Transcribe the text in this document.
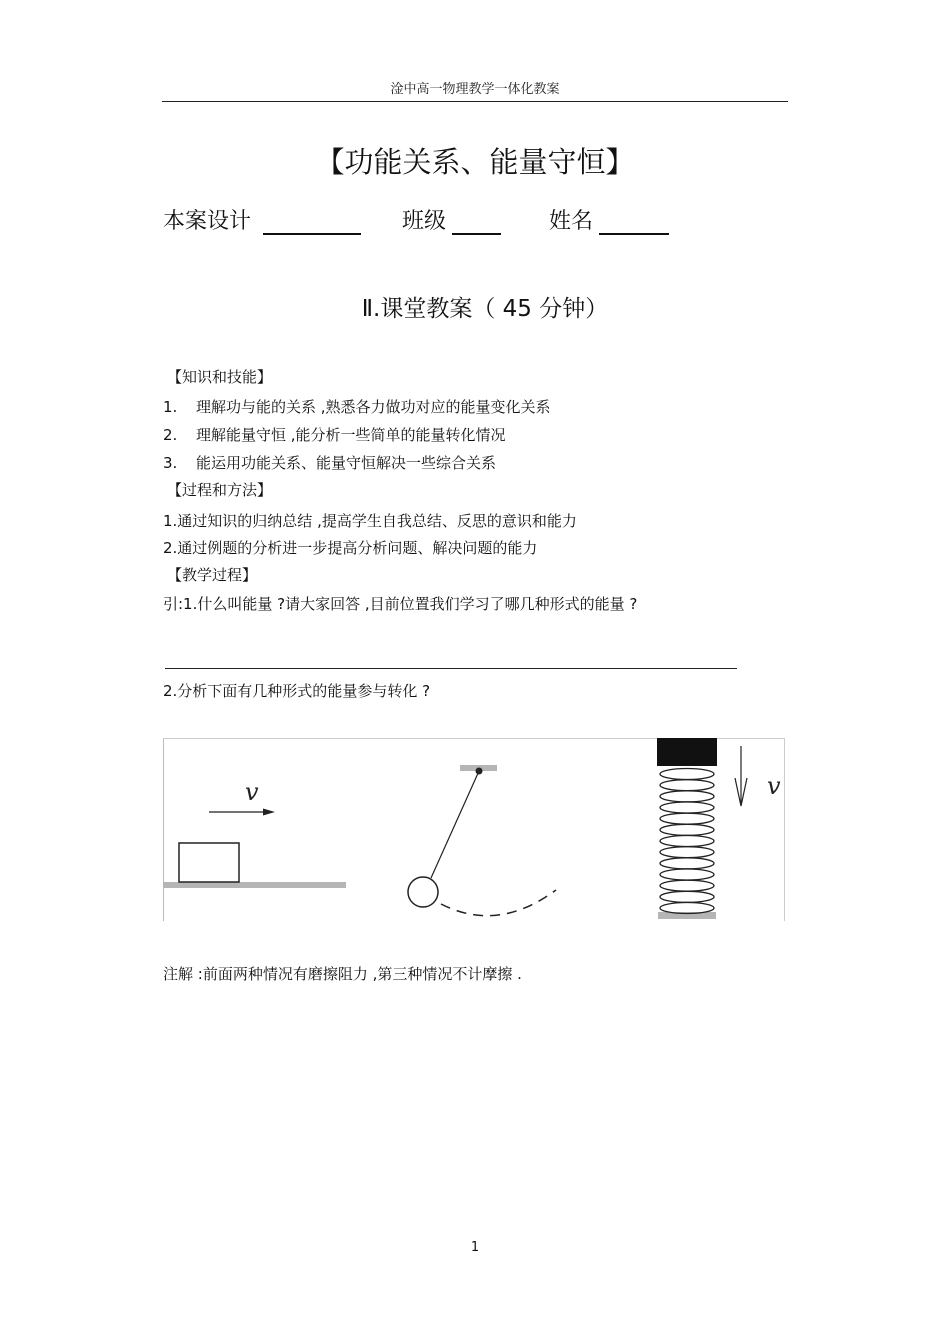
淦中高一物理教学一体化教案
【功能关系、能量守恒】
本案设计	班级	姓名
Ⅱ.课堂教案（ 45 分钟）
【知识和技能】
1. 理解功与能的关系 ,熟悉各力做功对应的能量变化关系
2. 理解能量守恒 ,能分析一些简单的能量转化情况
3. 能运用功能关系、能量守恒解决一些综合关系
【过程和方法】
1.通过知识的归纳总结 ,提高学生自我总结、反思的意识和能力
2.通过例题的分析进一步提高分析问题、解决问题的能力
【教学过程】
引:1.什么叫能量 ?请大家回答 ,目前位置我们学习了哪几种形式的能量 ?
2.分析下面有几种形式的能量参与转化 ?
v	v
注解 :前面两种情况有磨擦阻力 ,第三种情况不计摩擦 .
1
